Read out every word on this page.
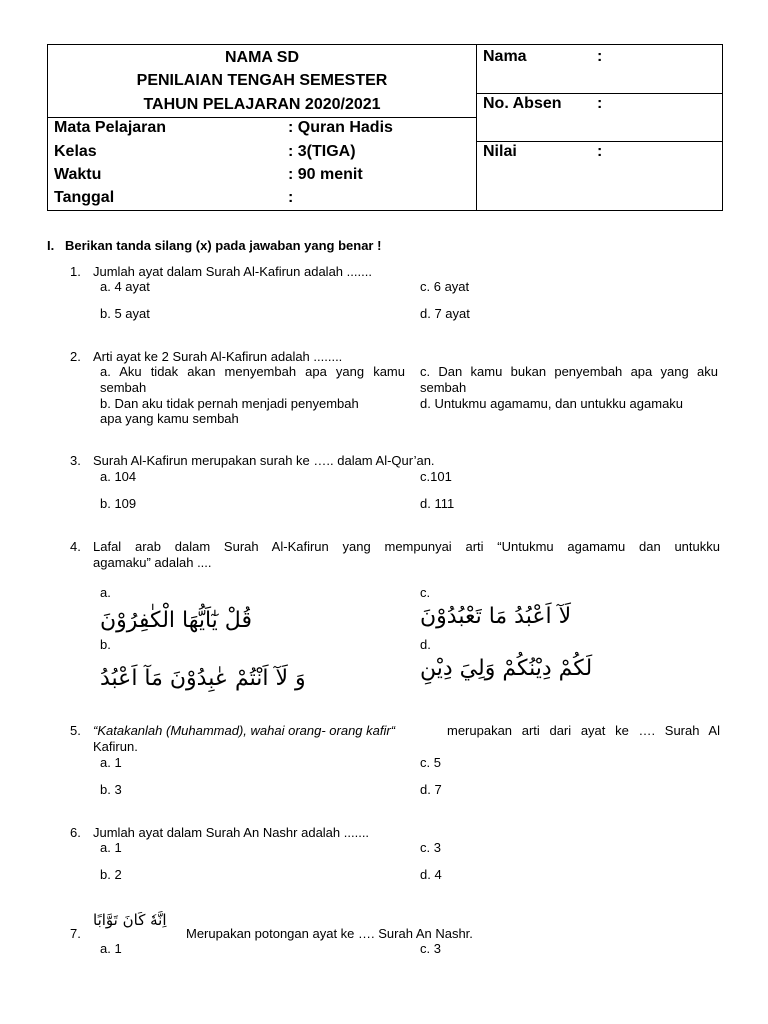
NAMA SD
PENILAIAN TENGAH SEMESTER
TAHUN PELAJARAN 2020/2021
Mata Pelajaran	: Quran Hadis
Kelas	: 3(TIGA)
Waktu	: 90 menit
Tanggal	:
Nama	:
No. Absen :
Nilai	:
I. Berikan tanda silang (x) pada jawaban yang benar !
1. Jumlah ayat dalam Surah Al-Kafirun adalah .......
a. 4 ayat	c. 6 ayat
b. 5 ayat	d. 7 ayat
2. Arti ayat ke 2 Surah Al-Kafirun adalah ........
a. Aku tidak akan menyembah apa yang kamu
sembah
c. Dan kamu bukan penyembah apa yang aku
sembah
b. Dan aku tidak pernah menjadi penyembah
apa yang kamu sembah
d. Untukmu agamamu, dan untukku agamaku
3. Surah Al-Kafirun merupakan surah ke ….. dalam Al-Qur’an.
a. 104	c.101
b. 109	d. 111
4. Lafal arab dalam Surah Al-Kafirun yang mempunyai arti “Untukmu agamamu dan untukku
agamaku” adalah ....
a.	c.
قُلْ يٰٓاَيُّهَا الْكٰفِرُوْنَ	لَآ اَعْبُدُ مَا تَعْبُدُوْنَ
b.	d.
وَ لَآ اَنْتُمْ عٰبِدُوْنَ مَآ اَعْبُدُ	لَكُمْ دِيْنُكُمْ وَلِيَ دِيْنِ
5. “Katakanlah (Muhammad), wahai orang- orang kafir“	merupakan arti dari ayat ke …. Surah Al
Kafirun.
a. 1	c. 5
b. 3	d. 7
6. Jumlah ayat dalam Surah An Nashr adalah .......
a. 1	c. 3
b. 2	d. 4
7.
اِنَّهٗ كَانَ تَوَّابًا
Merupakan potongan ayat ke …. Surah An Nashr.
a. 1	c. 3
